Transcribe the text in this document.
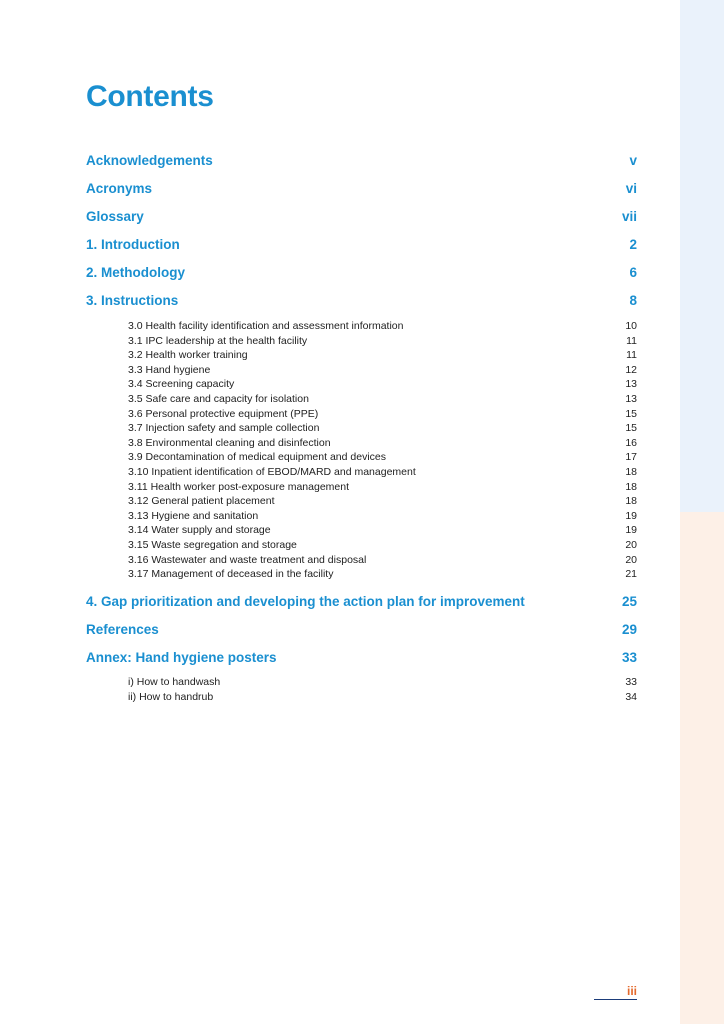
Contents
Acknowledgements	v
Acronyms	vi
Glossary	vii
1. Introduction	2
2. Methodology	6
3. Instructions	8
3.0 Health facility identification and assessment information	10
3.1 IPC leadership at the health facility	11
3.2 Health worker training	11
3.3 Hand hygiene	12
3.4 Screening capacity	13
3.5 Safe care and capacity for isolation	13
3.6 Personal protective equipment (PPE)	15
3.7 Injection safety and sample collection	15
3.8 Environmental cleaning and disinfection	16
3.9 Decontamination of medical equipment and devices	17
3.10 Inpatient identification of EBOD/MARD and management	18
3.11 Health worker post-exposure management	18
3.12 General patient placement	18
3.13 Hygiene and sanitation	19
3.14 Water supply and storage	19
3.15 Waste segregation and storage	20
3.16 Wastewater and waste treatment and disposal	20
3.17 Management of deceased in the facility	21
4. Gap prioritization and developing the action plan for improvement	25
References	29
Annex: Hand hygiene posters	33
i) How to handwash	33
ii) How to handrub	34
iii
